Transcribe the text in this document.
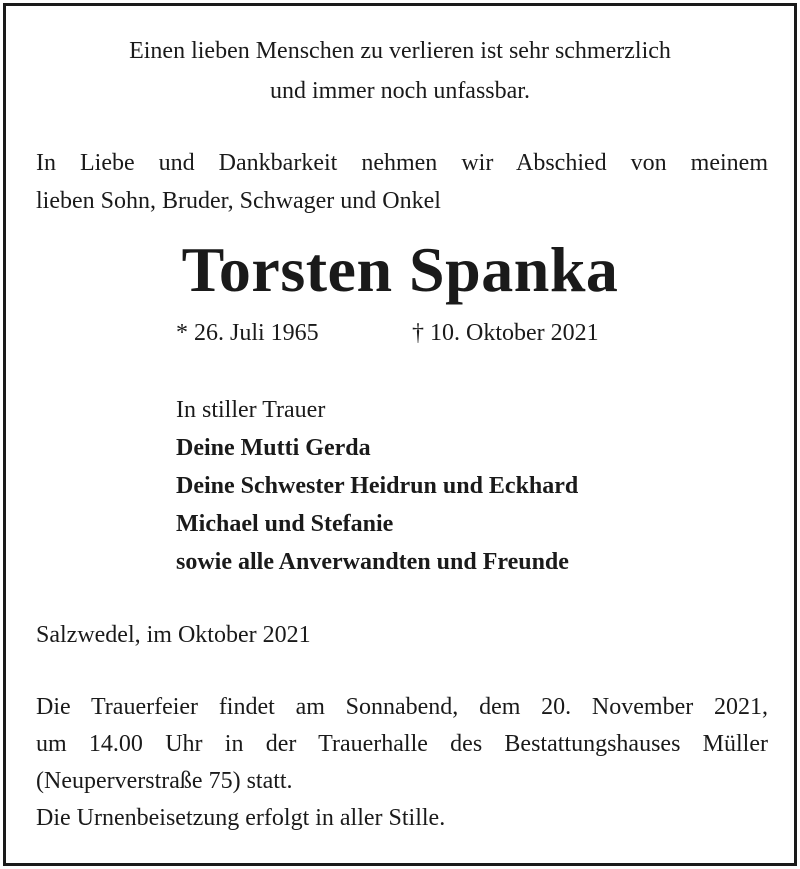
Einen lieben Menschen zu verlieren ist sehr schmerzlich
und immer noch unfassbar.
In Liebe und Dankbarkeit nehmen wir Abschied von meinem
lieben Sohn, Bruder, Schwager und Onkel
Torsten Spanka
* 26. Juli 1965	† 10. Oktober 2021
In stiller Trauer
Deine Mutti Gerda
Deine Schwester Heidrun und Eckhard
Michael und Stefanie
sowie alle Anverwandten und Freunde
Salzwedel, im Oktober 2021
Die Trauerfeier findet am Sonnabend, dem 20. November 2021,
um 14.00 Uhr in der Trauerhalle des Bestattungshauses Müller
(Neuperverstraße 75) statt.
Die Urnenbeisetzung erfolgt in aller Stille.
